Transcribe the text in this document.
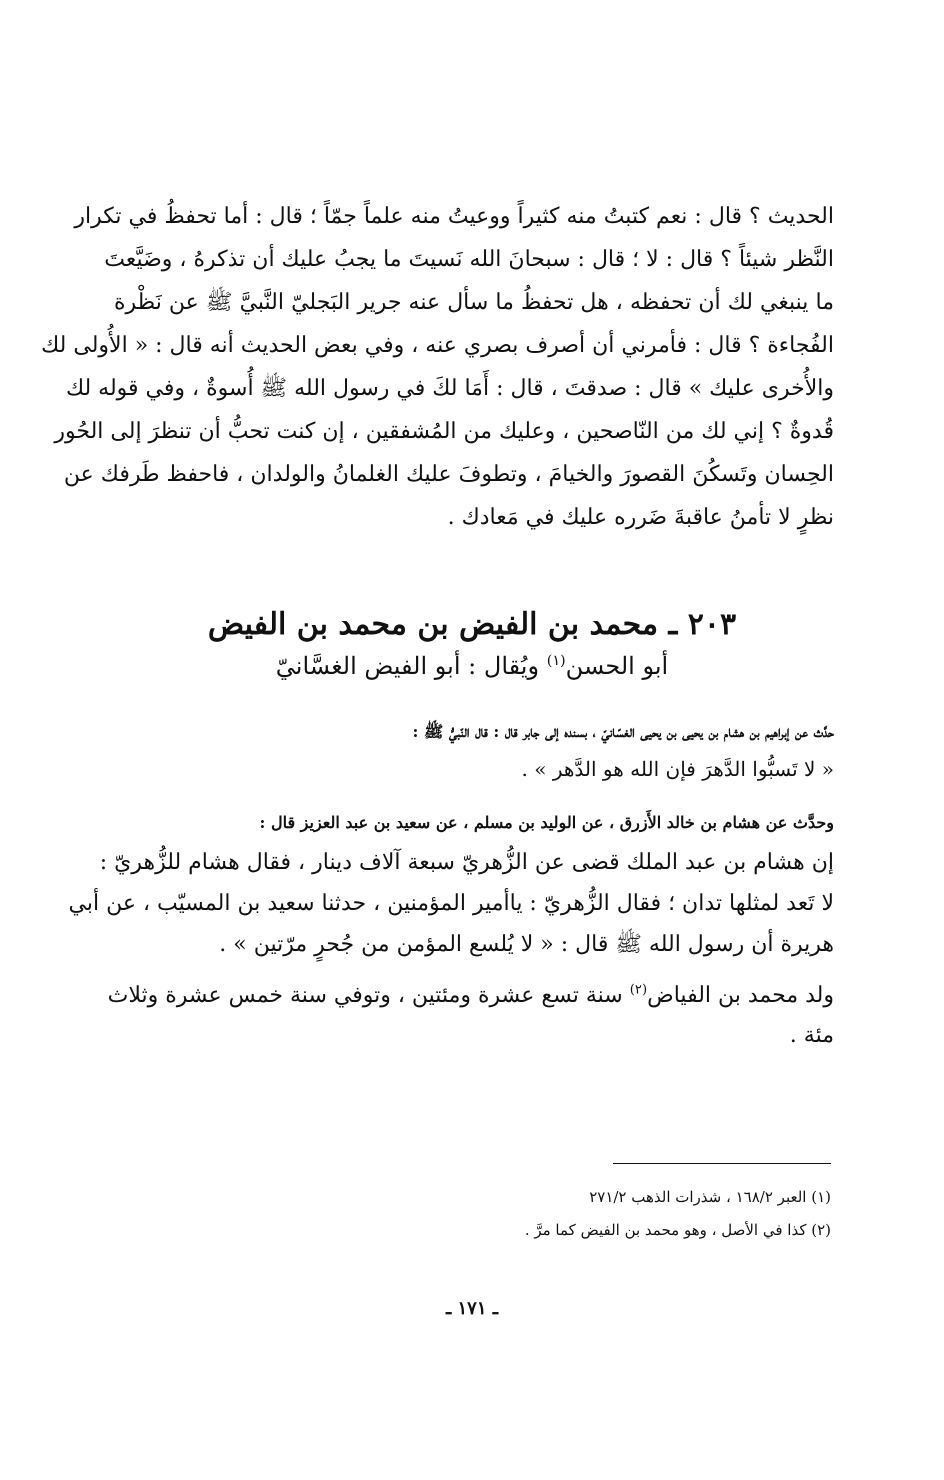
الحديث ؟ قال : نعم كتبتُ منه كثيراً ووعيتُ منه علماً جمّاً ؛ قال : أما تحفظُ في تكرار
النَّظر شيئاً ؟ قال : لا ؛ قال : سبحانَ الله نَسيتَ ما يجبُ عليك أن تذكرهُ ، وضَيَّعتَ
ما ينبغي لك أن تحفظه ، هل تحفظُ ما سأل عنه جرير البَجليّ النَّبيَّ ﷺ عن نَظْرة
الفُجاءة ؟ قال : فأمرني أن أصرف بصري عنه ، وفي بعض الحديث أنه قال : « الأُولى لك
والأُخرى عليك » قال : صدقتَ ، قال : أَمَا لكَ في رسول الله ﷺ أُسوةٌ ، وفي قوله لك
قُدوةٌ ؟ إني لك من النّاصحين ، وعليك من المُشفقين ، إن كنت تحبُّ أن تنظرَ إلى الحُور
الحِسان وتَسكُنَ القصورَ والخيامَ ، وتطوفَ عليك الغلمانُ والولدان ، فاحفظ طَرفك عن
نظرٍ لا تأمنُ عاقبةَ ضَرره عليك في مَعادك .
٢٠٣ ـ محمد بن الفيض بن محمد بن الفيض
أبو الحسن$^{(١)}$ ويُقال : أبو الفيض الغسَّانيّ
حدَّث عن إبراهيم بن هشام بن يحيى بن يحيى الغسّانيّ ، بسنده إلى جابر قال : قال النّبيُّ ﷺ :
« لا تَسبُّوا الدَّهرَ فإن الله هو الدَّهر » .
وحدَّث عن هشام بن خالد الأَزرق ، عن الوليد بن مسلم ، عن سعيد بن عبد العزيز قال :
إن هشام بن عبد الملك قضى عن الزُّهريّ سبعة آلاف دينار ، فقال هشام للزُّهريّ :
لا تَعد لمثلها تدان ؛ فقال الزُّهريّ : ياأمير المؤمنين ، حدثنا سعيد بن المسيّب ، عن أبي
هريرة أن رسول الله ﷺ قال : « لا يُلسع المؤمن من جُحرٍ مرّتين » .
ولد محمد بن الفياض$^{(٢)}$ سنة تسع عشرة ومئتين ، وتوفي سنة خمس عشرة وثلاث
مئة .
(١) العبر ١٦٨/٢ ، شذرات الذهب ٢٧١/٢
(٢) كذا في الأصل ، وهو محمد بن الفيض كما مرَّ .
ـ ١٧١ ـ
